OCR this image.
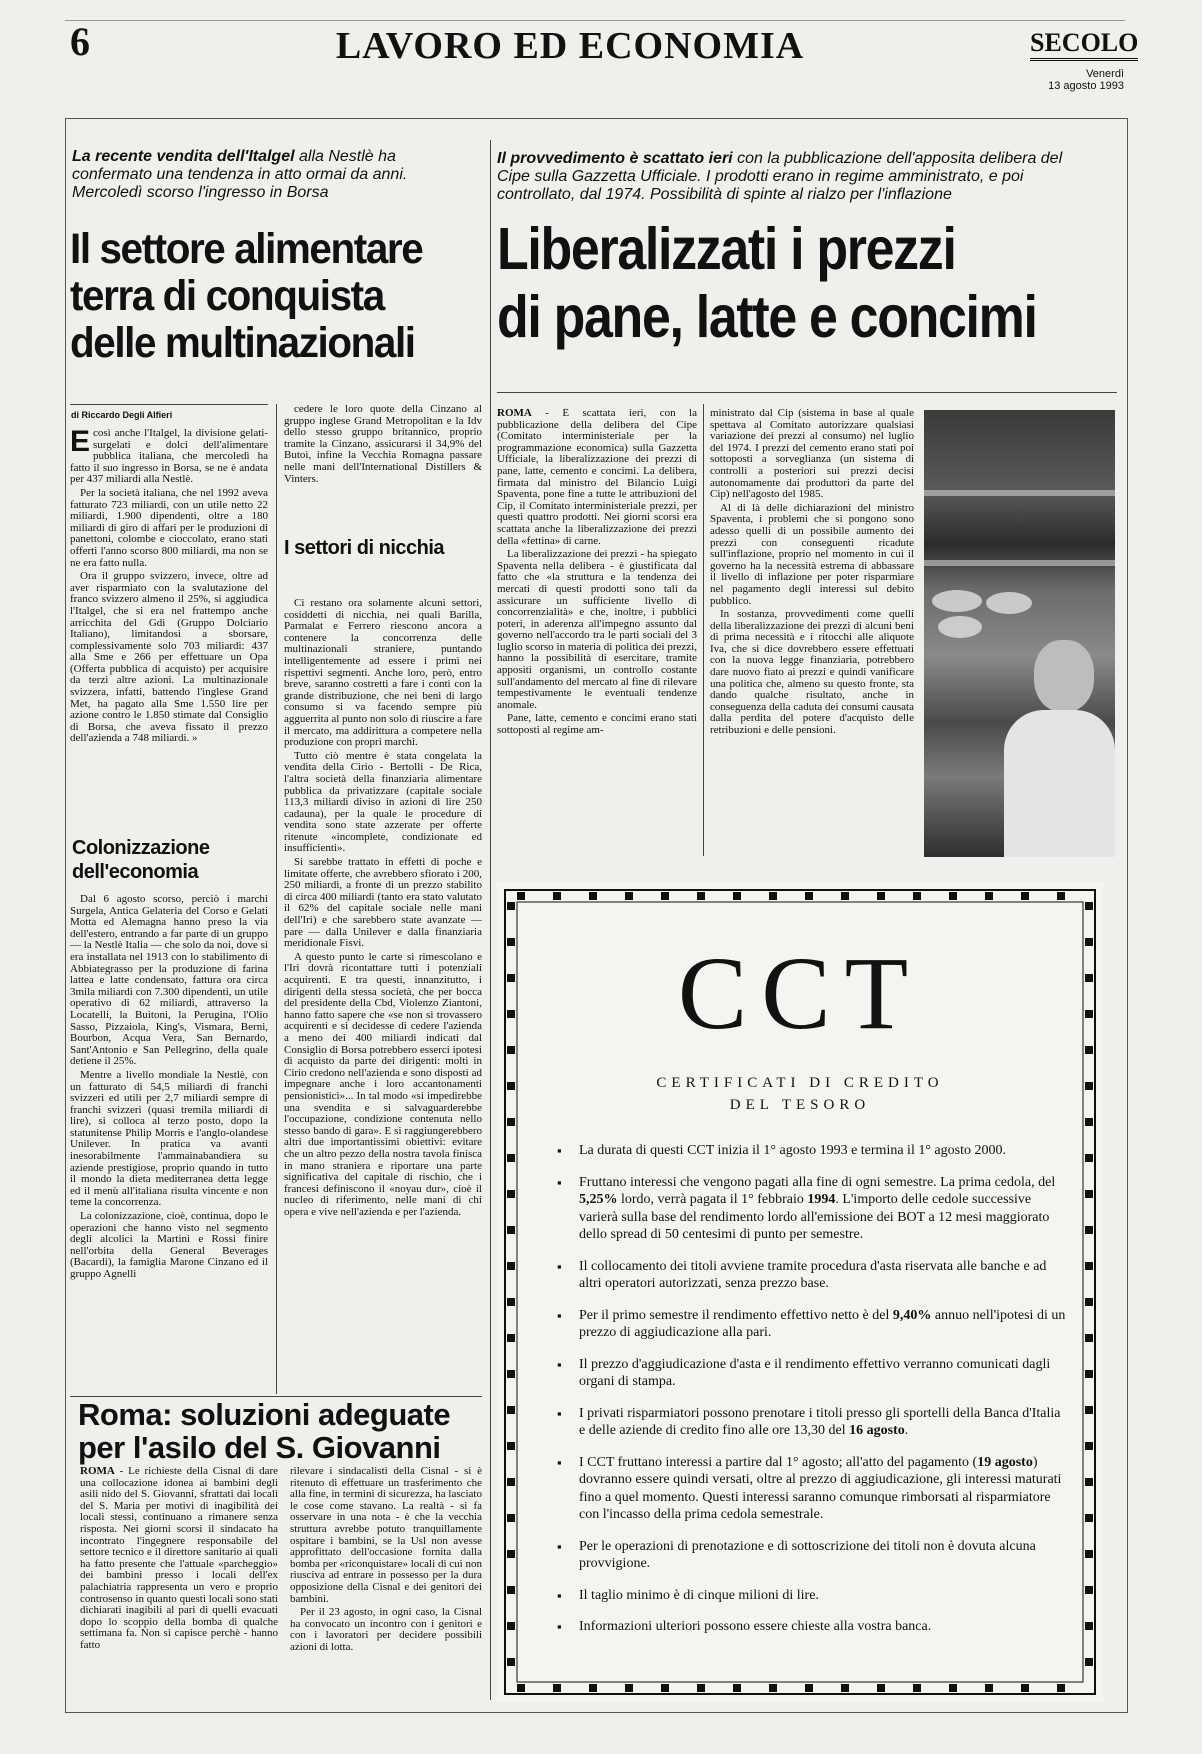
6	LAVORO ED ECONOMIA	SECOLO
Venerdì
13 agosto 1993
La recente vendita dell'Italgel alla Nestlè ha confermato una tendenza in atto ormai da anni. Mercoledì scorso l'ingresso in Borsa
Il settore alimentare
terra di conquista
delle multinazionali
di Riccardo Degli Alfieri

Ecosì anche l'Italgel, la divisione gelati-surgelati e dolci dell'alimentare pubblica italiana, che mercoledì ha fatto il suo ingresso in Borsa, se ne è andata per 437 miliardi alla Nestlè.

Per la società italiana, che nel 1992 aveva fatturato 723 miliardi, con un utile netto 22 miliardi, 1.900 dipendenti, oltre a 180 miliardi di giro di affari per le produzioni di panettoni, colombe e cioccolato, erano stati offerti l'anno scorso 800 miliardi, ma non se ne era fatto nulla.

Ora il gruppo svizzero, invece, oltre ad aver risparmiato con la svalutazione del franco svizzero almeno il 25%, si aggiudica l'Italgel, che si era nel frattempo anche arricchita del Gdi (Gruppo Dolciario Italiano), limitandosi a sborsare, complessivamente solo 703 miliardi: 437 alla Sme e 266 per effettuare un Opa (Offerta pubblica di acquisto) per acquisire da terzi altre azioni. La multinazionale svizzera, infatti, battendo l'inglese Grand Met, ha pagato alla Sme 1.550 lire per azione contro le 1.850 stimate dal Consiglio di Borsa, che aveva fissato il prezzo dell'azienda a 748 miliardi. »

Colonizzazione dell'economia

Dal 6 agosto scorso, perciò i marchi Surgela, Antica Gelateria del Corso e Gelati Motta ed Alemagna hanno preso la via dell'estero, entrando a far parte di un gruppo — la Nestlè Italia — che solo da noi, dove si era installata nel 1913 con lo stabilimento di Abbiategrasso per la produzione di farina lattea e latte condensato, fattura ora circa 3mila miliardi con 7.300 dipendenti, un utile operativo di 62 miliardi, attraverso la Locatelli, la Buitoni, la Perugina, l'Olio Sasso, Pizzaiola, King's, Vismara, Berni, Bourbon, Acqua Vera, San Bernardo, Sant'Antonio e San Pellegrino, della quale detiene il 25%.

Mentre a livello mondiale la Nestlè, con un fatturato di 54,5 miliardi di franchi svizzeri ed utili per 2,7 miliardi sempre di franchi svizzeri (quasi tremila miliardi di lire), si colloca al terzo posto, dopo la statunitense Philip Morris e l'anglo-olandese Unilever. In pratica va avanti inesorabilmente l'ammainabandiera su aziende prestigiose, proprio quando in tutto il mondo la dieta mediterranea detta legge ed il menù all'italiana risulta vincente e non teme la concorrenza.

La colonizzazione, cioè, continua, dopo le operazioni che hanno visto nel segmento degli alcolici la Martini e Rossi finire nell'orbita della General Beverages (Bacardi), la famiglia Marone Cinzano ed il gruppo Agnelli

cedere le loro quote della Cinzano al gruppo inglese Grand Metropolitan e la Idv dello stesso gruppo britannico, proprio tramite la Cinzano, assicurarsi il 34,9% del Butoi, infine la Vecchia Romagna passare nelle mani dell'International Distillers & Vinters.

I settori di nicchia

Ci restano ora solamente alcuni settori, cosiddetti di nicchia, nei quali Barilla, Parmalat e Ferrero riescono ancora a contenere la concorrenza delle multinazionali straniere, puntando intelligentemente ad essere i primi nei rispettivi segmenti. Anche loro, però, entro breve, saranno costretti a fare i conti con la grande distribuzione, che nei beni di largo consumo si va facendo sempre più agguerrita al punto non solo di riuscire a fare il mercato, ma addirittura a competere nella produzione con propri marchi.

Tutto ciò mentre è stata congelata la vendita della Cirio - Bertolli - De Rica, l'altra società della finanziaria alimentare pubblica da privatizzare (capitale sociale 113,3 miliardi diviso in azioni di lire 250 cadauna), per la quale le procedure di vendita sono state azzerate per offerte ritenute «incomplete, condizionate ed insufficienti».

Si sarebbe trattato in effetti di poche e limitate offerte, che avrebbero sfiorato i 200, 250 miliardi, a fronte di un prezzo stabilito di circa 400 miliardi (tanto era stato valutato il 62% del capitale sociale nelle mani dell'Iri) e che sarebbero state avanzate — pare — dalla Unilever e dalla finanziaria meridionale Fisvi.

A questo punto le carte si rimescolano e l'Iri dovrà ricontattare tutti i potenziali acquirenti. E tra questi, innanzitutto, i dirigenti della stessa società, che per bocca del presidente della Cbd, Violenzo Ziantoni, hanno fatto sapere che «se non si trovassero acquirenti e si decidesse di cedere l'azienda a meno dei 400 miliardi indicati dal Consiglio di Borsa potrebbero esserci ipotesi di acquisto da parte dei dirigenti: molti in Cirio credono nell'azienda e sono disposti ad impegnare anche i loro accantonamenti pensionistici»... In tal modo «si impedirebbe una svendita e si salvaguarderebbe l'occupazione, condizione contenuta nello stesso bando di gara». E si raggiungerebbero altri due importantissimi obiettivi: evitare che un altro pezzo della nostra tavola finisca in mano straniera e riportare una parte significativa del capitale di rischio, che i francesi definiscono il «noyau dur», cioè il nucleo di riferimento, nelle mani di chi opera e vive nell'azienda e per l'azienda.

Roma: soluzioni adeguate
per l'asilo del S. Giovanni

ROMA - Le richieste della Cisnal di dare una collocazione idonea ai bambini degli asili nido del S. Giovanni, sfrattati dai locali del S. Maria per motivi di inagibilità dei locali stessi, continuano a rimanere senza risposta. Nei giorni scorsi il sindacato ha incontrato l'ingegnere responsabile del settore tecnico e il direttore sanitario ai quali ha fatto presente che l'attuale «parcheggio» dei bambini presso i locali dell'ex palachiatria rappresenta un vero e proprio controsenso in quanto questi locali sono stati dichiarati inagibili al pari di quelli evacuati dopo lo scoppio della bomba di qualche settimana fa. Non si capisce perchè - hanno fatto

rilevare i sindacalisti della Cisnal - si è ritenuto di effettuare un trasferimento che alla fine, in termini di sicurezza, ha lasciato le cose come stavano. La realtà - si fa osservare in una nota - è che la vecchia struttura avrebbe potuto tranquillamente ospitare i bambini, se la Usl non avesse approfittato dell'occasione fornita dalla bomba per «riconquistare» locali di cui non riusciva ad entrare in possesso per la dura opposizione della Cisnal e dei genitori dei bambini.

Per il 23 agosto, in ogni caso, la Cisnal ha convocato un incontro con i genitori e con i lavoratori per decidere possibili azioni di lotta.

Il provvedimento è scattato ieri con la pubblicazione dell'apposita delibera del Cipe sulla Gazzetta Ufficiale. I prodotti erano in regime amministrato, e poi controllato, dal 1974. Possibilità di spinte al rialzo per l'inflazione
Liberalizzati i prezzi
di pane, latte e concimi

ROMA - È scattata ieri, con la pubblicazione della delibera del Cipe (Comitato interministeriale per la programmazione economica) sulla Gazzetta Ufficiale, la liberalizzazione dei prezzi di pane, latte, cemento e concimi. La delibera, firmata dal ministro del Bilancio Luigi Spaventa, pone fine a tutte le attribuzioni del Cip, il Comitato interministeriale prezzi, per questi quattro prodotti. Nei giorni scorsi era scattata anche la liberalizzazione dei prezzi della «fettina» di carne.

La liberalizzazione dei prezzi - ha spiegato Spaventa nella delibera - è giustificata dal fatto che «la struttura e la tendenza dei mercati di questi prodotti sono tali da assicurare un sufficiente livello di concorrenzialità» e che, inoltre, i pubblici poteri, in aderenza all'impegno assunto dal governo nell'accordo tra le parti sociali del 3 luglio scorso in materia di politica dei prezzi, hanno la possibilità di esercitare, tramite appositi organismi, un controllo costante sull'andamento del mercato al fine di rilevare tempestivamente le eventuali tendenze anomale.

Pane, latte, cemento e concimi erano stati sottoposti al regime am-

ministrato dal Cip (sistema in base al quale spettava al Comitato autorizzare qualsiasi variazione dei prezzi al consumo) nel luglio del 1974. I prezzi del cemento erano stati poi sottoposti a sorveglianza (un sistema di controlli a posteriori sui prezzi decisi autonomamente dai produttori da parte del Cip) nell'agosto del 1985.

Al di là delle dichiarazioni del ministro Spaventa, i problemi che si pongono sono adesso quelli di un possibile aumento dei prezzi con conseguenti ricadute sull'inflazione, proprio nel momento in cui il governo ha la necessità estrema di abbassare il livello di inflazione per poter risparmiare nel pagamento degli interessi sul debito pubblico.

In sostanza, provvedimenti come quelli della liberalizzazione dei prezzi di alcuni beni di prima necessità e i ritocchi alle aliquote Iva, che si dice dovrebbero essere effettuati con la nuova legge finanziaria, potrebbero dare nuovo fiato ai prezzi e quindi vanificare una politica che, almeno su questo fronte, sta dando qualche risultato, anche in conseguenza della caduta dei consumi causata dalla perdita del potere d'acquisto delle retribuzioni e delle pensioni.

CCT
CERTIFICATI DI CREDITO
DEL TESORO
▪ La durata di questi CCT inizia il 1° agosto 1993 e termina il 1° agosto 2000.
▪ Fruttano interessi che vengono pagati alla fine di ogni semestre. La prima cedola, del 5,25% lordo, verrà pagata il 1° febbraio 1994. L'importo delle cedole successive varierà sulla base del rendimento lordo all'emissione dei BOT a 12 mesi maggiorato dello spread di 50 centesimi di punto per semestre.
▪ Il collocamento dei titoli avviene tramite procedura d'asta riservata alle banche e ad altri operatori autorizzati, senza prezzo base.
▪ Per il primo semestre il rendimento effettivo netto è del 9,40% annuo nell'ipotesi di un prezzo di aggiudicazione alla pari.
▪ Il prezzo d'aggiudicazione d'asta e il rendimento effettivo verranno comunicati dagli organi di stampa.
▪ I privati risparmiatori possono prenotare i titoli presso gli sportelli della Banca d'Italia e delle aziende di credito fino alle ore 13,30 del 16 agosto.
▪ I CCT fruttano interessi a partire dal 1° agosto; all'atto del pagamento (19 agosto) dovranno essere quindi versati, oltre al prezzo di aggiudicazione, gli interessi maturati fino a quel momento. Questi interessi saranno comunque rimborsati al risparmiatore con l'incasso della prima cedola semestrale.
▪ Per le operazioni di prenotazione e di sottoscrizione dei titoli non è dovuta alcuna provvigione.
▪ Il taglio minimo è di cinque milioni di lire.
▪ Informazioni ulteriori possono essere chieste alla vostra banca.
